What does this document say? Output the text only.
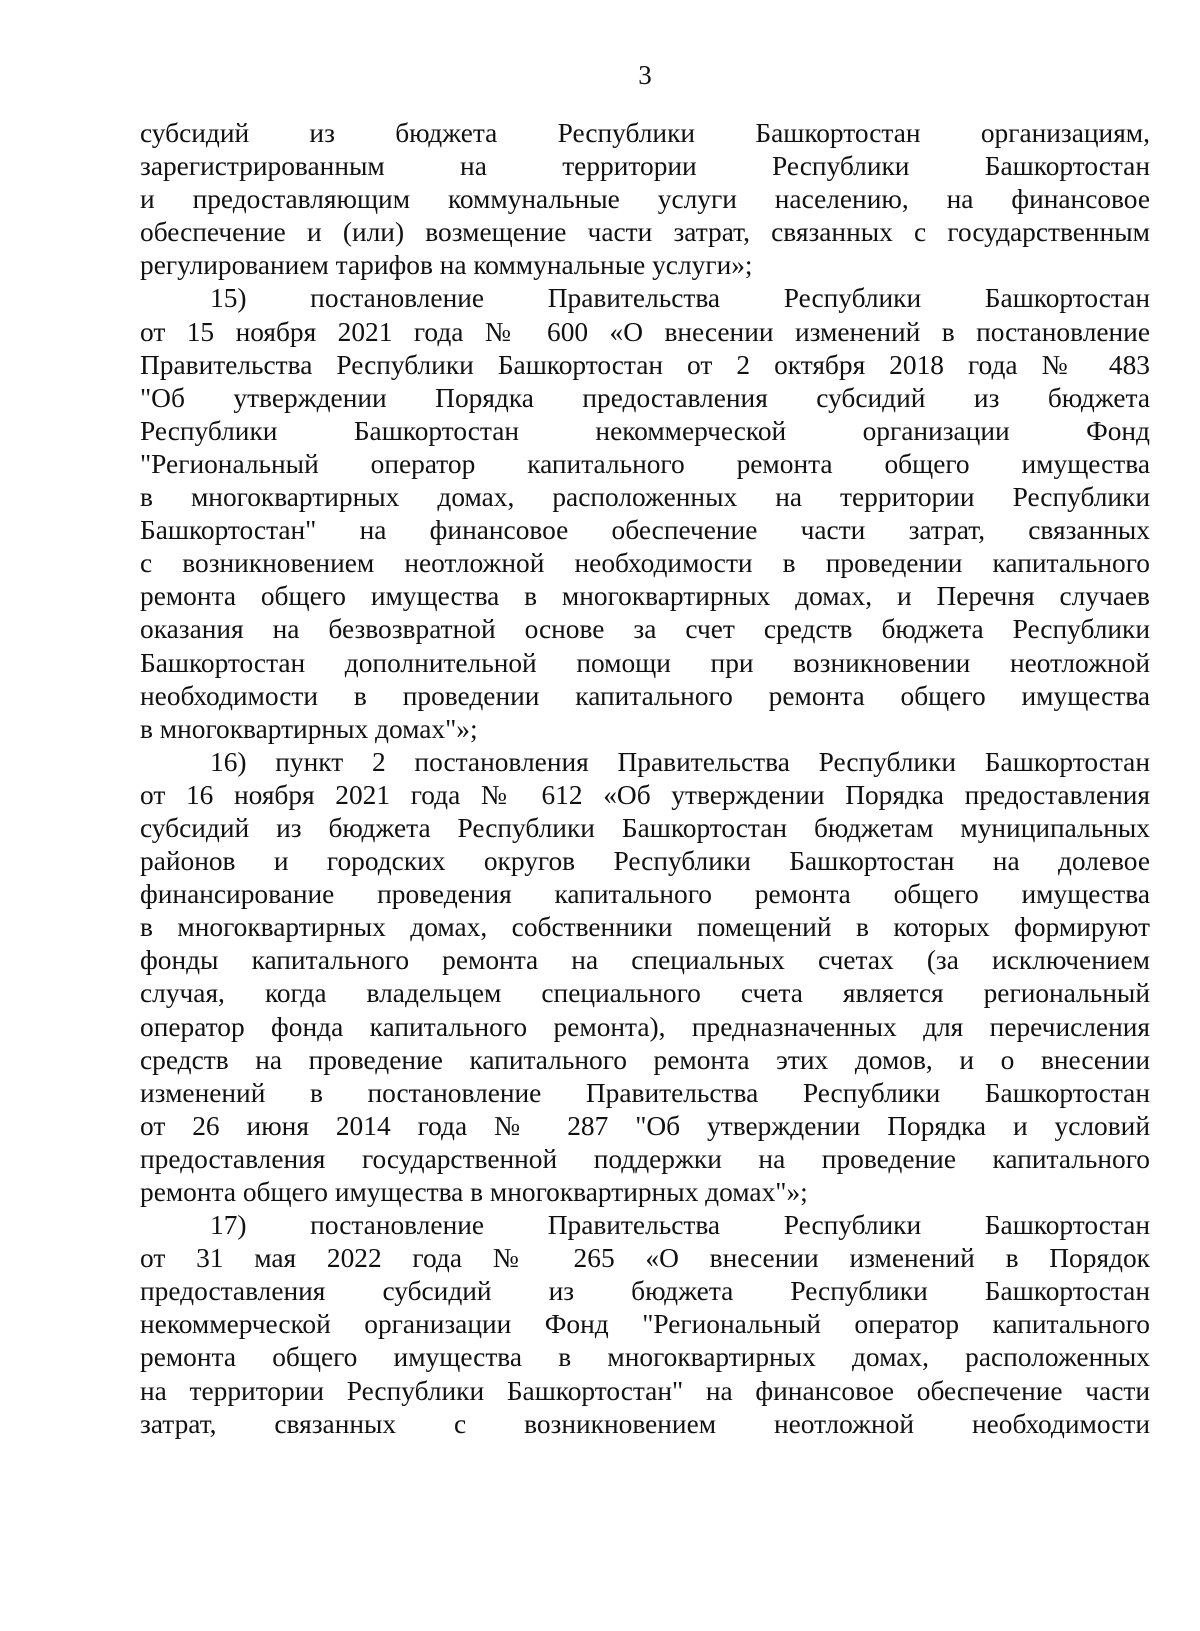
3
субсидий из бюджета Республики Башкортостан организациям,
зарегистрированным на территории Республики Башкортостан
и предоставляющим коммунальные услуги населению, на финансовое
обеспечение и (или) возмещение части затрат, связанных с государственным
регулированием тарифов на коммунальные услуги»;
15) постановление Правительства Республики Башкортостан
от 15 ноября 2021 года № 600 «О внесении изменений в постановление
Правительства Республики Башкортостан от 2 октября 2018 года № 483
"Об утверждении Порядка предоставления субсидий из бюджета
Республики Башкортостан некоммерческой организации Фонд
"Региональный оператор капитального ремонта общего имущества
в многоквартирных домах, расположенных на территории Республики
Башкортостан" на финансовое обеспечение части затрат, связанных
с возникновением неотложной необходимости в проведении капитального
ремонта общего имущества в многоквартирных домах, и Перечня случаев
оказания на безвозвратной основе за счет средств бюджета Республики
Башкортостан дополнительной помощи при возникновении неотложной
необходимости в проведении капитального ремонта общего имущества
в многоквартирных домах"»;
16) пункт 2 постановления Правительства Республики Башкортостан
от 16 ноября 2021 года № 612 «Об утверждении Порядка предоставления
субсидий из бюджета Республики Башкортостан бюджетам муниципальных
районов и городских округов Республики Башкортостан на долевое
финансирование проведения капитального ремонта общего имущества
в многоквартирных домах, собственники помещений в которых формируют
фонды капитального ремонта на специальных счетах (за исключением
случая, когда владельцем специального счета является региональный
оператор фонда капитального ремонта), предназначенных для перечисления
средств на проведение капитального ремонта этих домов, и о внесении
изменений в постановление Правительства Республики Башкортостан
от 26 июня 2014 года № 287 "Об утверждении Порядка и условий
предоставления государственной поддержки на проведение капитального
ремонта общего имущества в многоквартирных домах"»;
17) постановление Правительства Республики Башкортостан
от 31 мая 2022 года № 265 «О внесении изменений в Порядок
предоставления субсидий из бюджета Республики Башкортостан
некоммерческой организации Фонд "Региональный оператор капитального
ремонта общего имущества в многоквартирных домах, расположенных
на территории Республики Башкортостан" на финансовое обеспечение части
затрат, связанных с возникновением неотложной необходимости
